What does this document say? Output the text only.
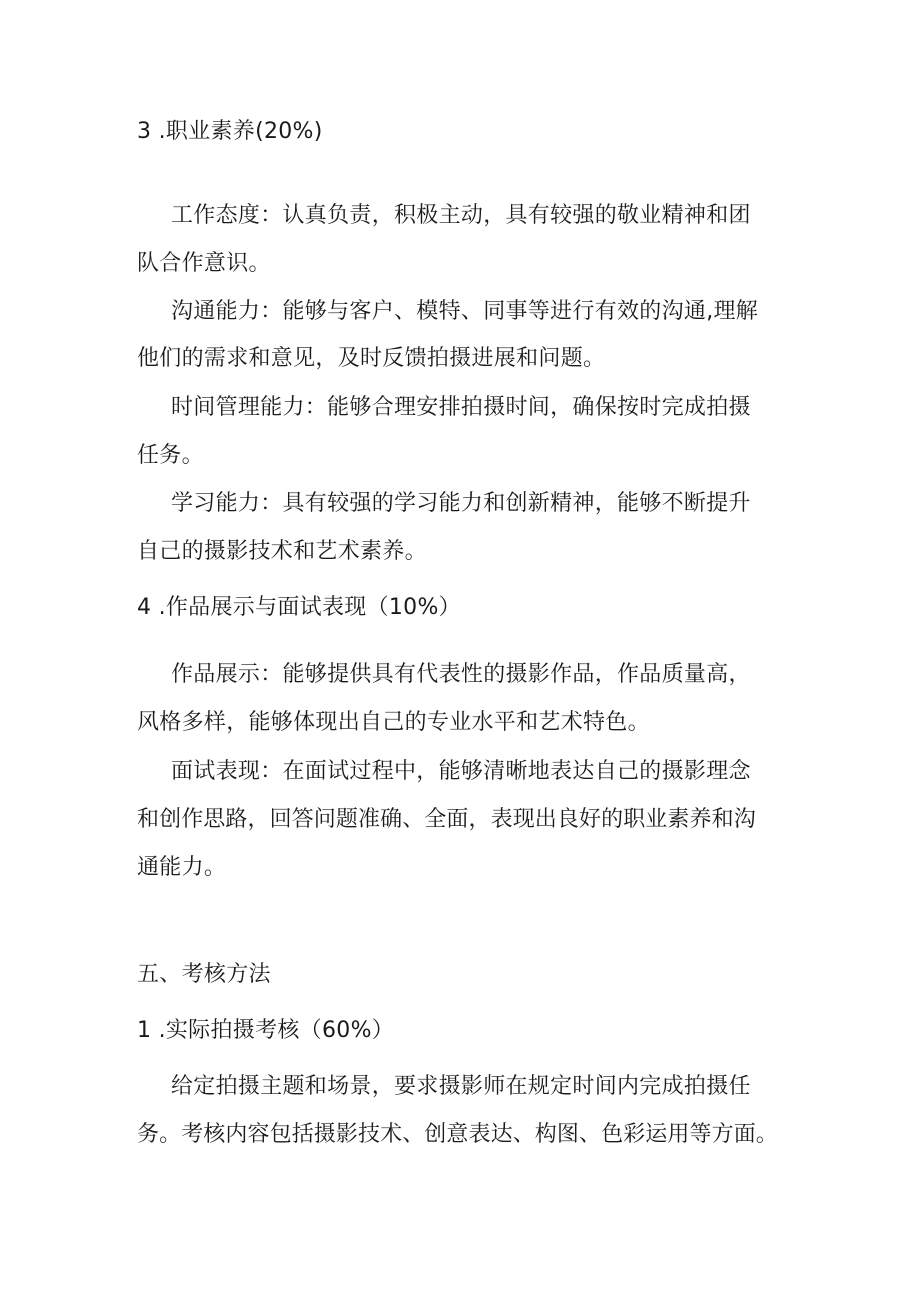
3 .职业素养(20%)
工作态度：认真负责，积极主动，具有较强的敬业精神和团
队合作意识。
沟通能力：能够与客户、模特、同事等进行有效的沟通,理解
他们的需求和意见，及时反馈拍摄进展和问题。
时间管理能力：能够合理安排拍摄时间，确保按时完成拍摄
任务。
学习能力：具有较强的学习能力和创新精神，能够不断提升
自己的摄影技术和艺术素养。
4 .作品展示与面试表现（10%）
作品展示：能够提供具有代表性的摄影作品，作品质量高，
风格多样，能够体现出自己的专业水平和艺术特色。
面试表现：在面试过程中，能够清晰地表达自己的摄影理念
和创作思路，回答问题准确、全面，表现出良好的职业素养和沟
通能力。
五、考核方法
1 .实际拍摄考核（60%）
给定拍摄主题和场景，要求摄影师在规定时间内完成拍摄任
务。考核内容包括摄影技术、创意表达、构图、色彩运用等方面。
